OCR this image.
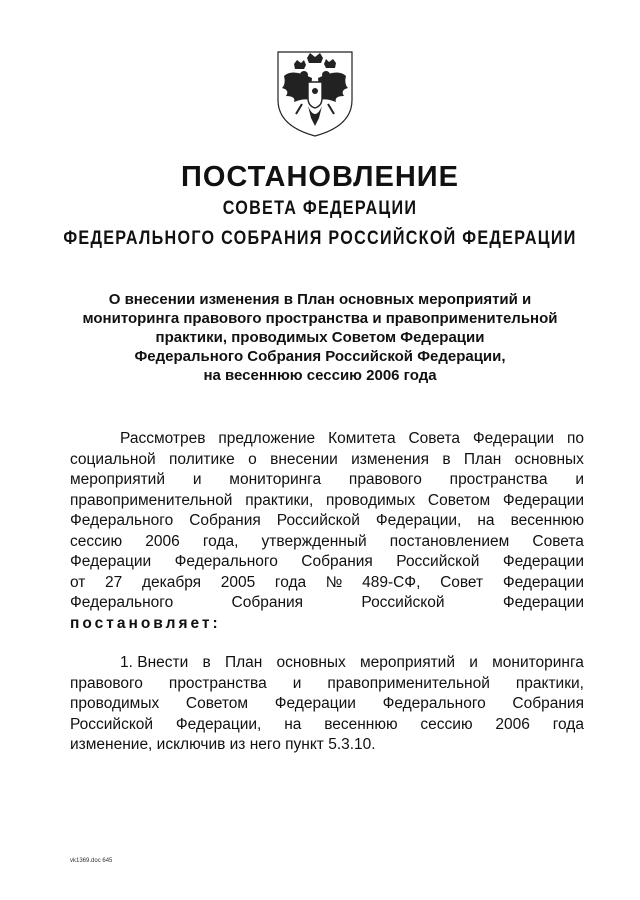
ПОСТАНОВЛЕНИЕ
СОВЕТА ФЕДЕРАЦИИ
ФЕДЕРАЛЬНОГО СОБРАНИЯ РОССИЙСКОЙ ФЕДЕРАЦИИ
О внесении изменения в План основных мероприятий и
мониторинга правового пространства и правоприменительной
практики, проводимых Советом Федерации
Федерального Собрания Российской Федерации,
на весеннюю сессию 2006 года
Рассмотрев предложение Комитета Совета Федерации по
социальной политике о внесении изменения в План основных
мероприятий и мониторинга правового пространства и
правоприменительной практики, проводимых Советом Федерации
Федерального Собрания Российской Федерации, на весеннюю
сессию 2006 года, утвержденный постановлением Совета
Федерации Федерального Собрания Российской Федерации
от 27 декабря 2005 года № 489-СФ, Совет Федерации
Федерального	Собрания	Российской	Федерации
постановляет:
1. Внести в План основных мероприятий и мониторинга
правового пространства и правоприменительной практики,
проводимых Советом Федерации Федерального Собрания
Российской Федерации, на весеннюю сессию 2006 года
изменение, исключив из него пункт 5.3.10.
vk1369.doc 645
